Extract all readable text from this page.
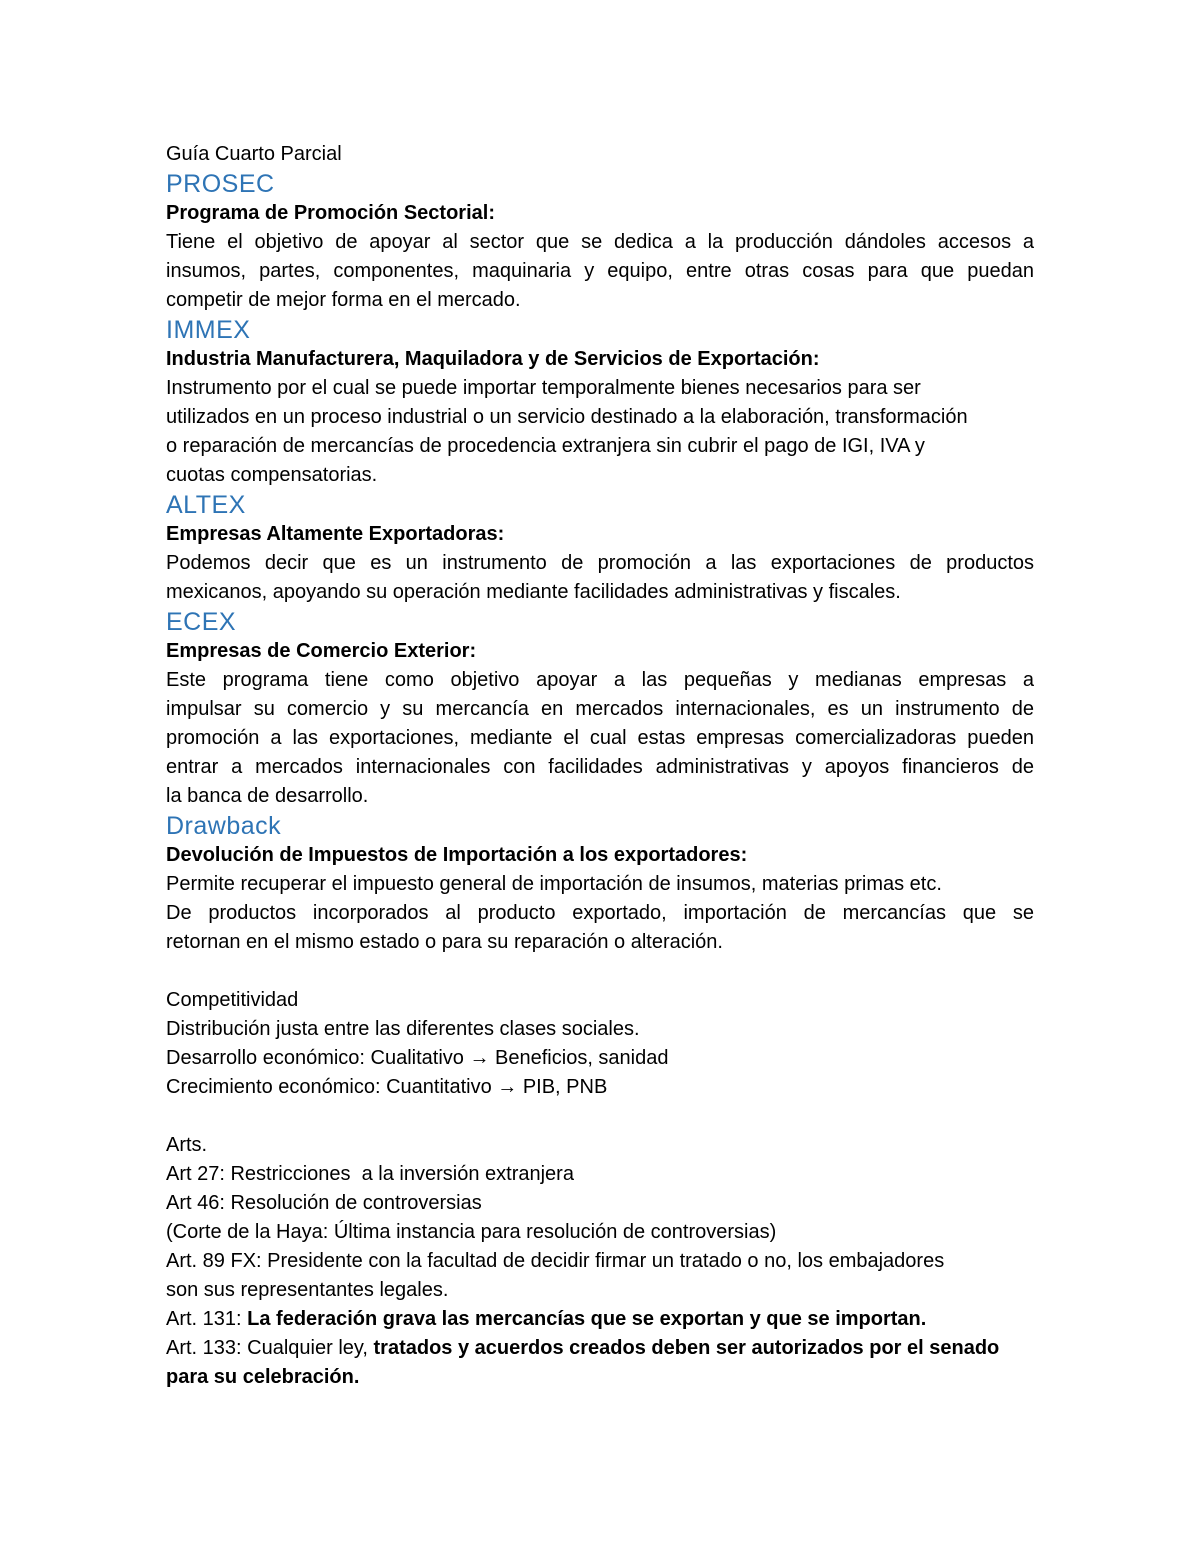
Guía Cuarto Parcial
PROSEC
Programa de Promoción Sectorial:
Tiene el objetivo de apoyar al sector que se dedica a la producción dándoles accesos a
insumos, partes, componentes, maquinaria y equipo, entre otras cosas para que puedan
competir de mejor forma en el mercado.
IMMEX
Industria Manufacturera, Maquiladora y de Servicios de Exportación:
Instrumento por el cual se puede importar temporalmente bienes necesarios para ser
utilizados en un proceso industrial o un servicio destinado a la elaboración, transformación
o reparación de mercancías de procedencia extranjera sin cubrir el pago de IGI, IVA y
cuotas compensatorias.
ALTEX
Empresas Altamente Exportadoras:
Podemos decir que es un instrumento de promoción a las exportaciones de productos
mexicanos, apoyando su operación mediante facilidades administrativas y fiscales.
ECEX
Empresas de Comercio Exterior:
Este programa tiene como objetivo apoyar a las pequeñas y medianas empresas a
impulsar su comercio y su mercancía en mercados internacionales, es un instrumento de
promoción a las exportaciones, mediante el cual estas empresas comercializadoras pueden
entrar a mercados internacionales con facilidades administrativas y apoyos financieros de
la banca de desarrollo.
Drawback
Devolución de Impuestos de Importación a los exportadores:
Permite recuperar el impuesto general de importación de insumos, materias primas etc.
De productos incorporados al producto exportado, importación de mercancías que se
retornan en el mismo estado o para su reparación o alteración.
Competitividad
Distribución justa entre las diferentes clases sociales.
Desarrollo económico: Cualitativo → Beneficios, sanidad
Crecimiento económico: Cuantitativo → PIB, PNB
Arts.
Art 27: Restricciones  a la inversión extranjera
Art 46: Resolución de controversias
(Corte de la Haya: Última instancia para resolución de controversias)
Art. 89 FX: Presidente con la facultad de decidir firmar un tratado o no, los embajadores
son sus representantes legales.
Art. 131: La federación grava las mercancías que se exportan y que se importan.
Art. 133: Cualquier ley, tratados y acuerdos creados deben ser autorizados por el senado
para su celebración.
